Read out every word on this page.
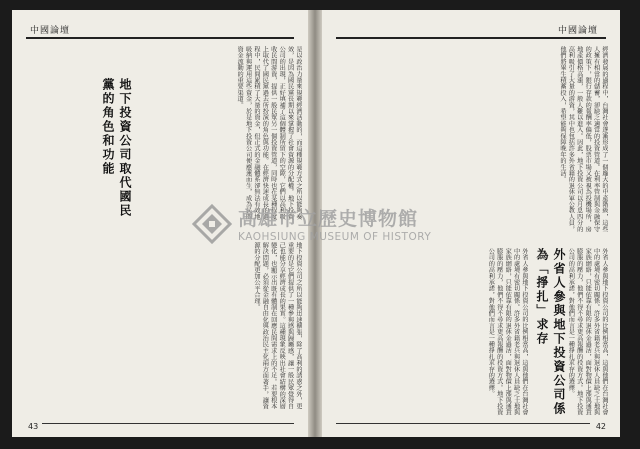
中國論壇
是以政治力量來規範經濟活動的，而這種規範方式之所以能夠奏效，是因為國民黨長期以來掌握了社會資源的分配權。地下投資公司的出現，正好填補了這個體制所留下的空隙，它們以高利吸收民間游資，提供一般民眾另一個投資管道，同時也在某種程度上取代了國民黨過去所扮演的角色與功能。在經濟快速成長的過程中，民間累積了大量的資金，但正式的金融體系卻無法有效地吸納與運用這些資金，於是地下投資公司便應運而生，成為民間資金流動的重要渠道。
地下投資公司取代國民黨的角色和功能
地下投資公司之所以能夠迅速擴張，除了高利的誘惑之外，更重要的是它們提供了一種參與感與歸屬感，讓一般民眾覺得自己也能分享經濟成長的果實。這種現象反映出社會結構的深層變化，也顯示出既有體制在回應民間需求上的不足。若要根本解決問題，必須從金融自由化與政治民主化兩方面著手，讓資源的分配更加公平合理。
43
中國論壇
經濟發展的過程中，台灣社會逐漸形成了一個龐大的中產階級，這些人擁有相當的儲蓄，卻缺乏適當的投資管道。在利率管制與金融保守的政策下，銀行存款的報酬率偏低，股票市場又被視為投機場所，房地產價格高漲，一般人難以進入。因此，地下投資公司以月息四分的高利吸引了大量的游資，其中也包括許多外省籍的退休軍公教人員，他們將畢生積蓄投入，希望能夠保障晚年的生活。
外省人參與地下投資公司係為「掙扎」求存
外省人參與地下投資公司的比例相當高，這與他們在台灣社會中的處境有密切關係。許多外省籍老兵與退休人員缺乏土地與家族網絡，只能依靠有限的退休金過活，面對物價上漲與通貨膨脹的壓力，他們不得不尋求更高報酬的投資方式。地下投資公司的高利承諾，對他們而言是一種掙扎求存的選擇。	外省人參與地下投資公司的比例相當高，這與他們在台灣社會中的處境有密切關係。許多外省籍老兵與退休人員缺乏土地與家族網絡，只能依靠有限的退休金過活，面對物價上漲與通貨膨脹的壓力，他們不得不尋求更高報酬的投資方式。地下投資公司的高利承諾，對他們而言是一種掙扎求存的選擇。
42
高雄市立歷史博物館
KAOHSIUNG MUSEUM OF HISTORY
